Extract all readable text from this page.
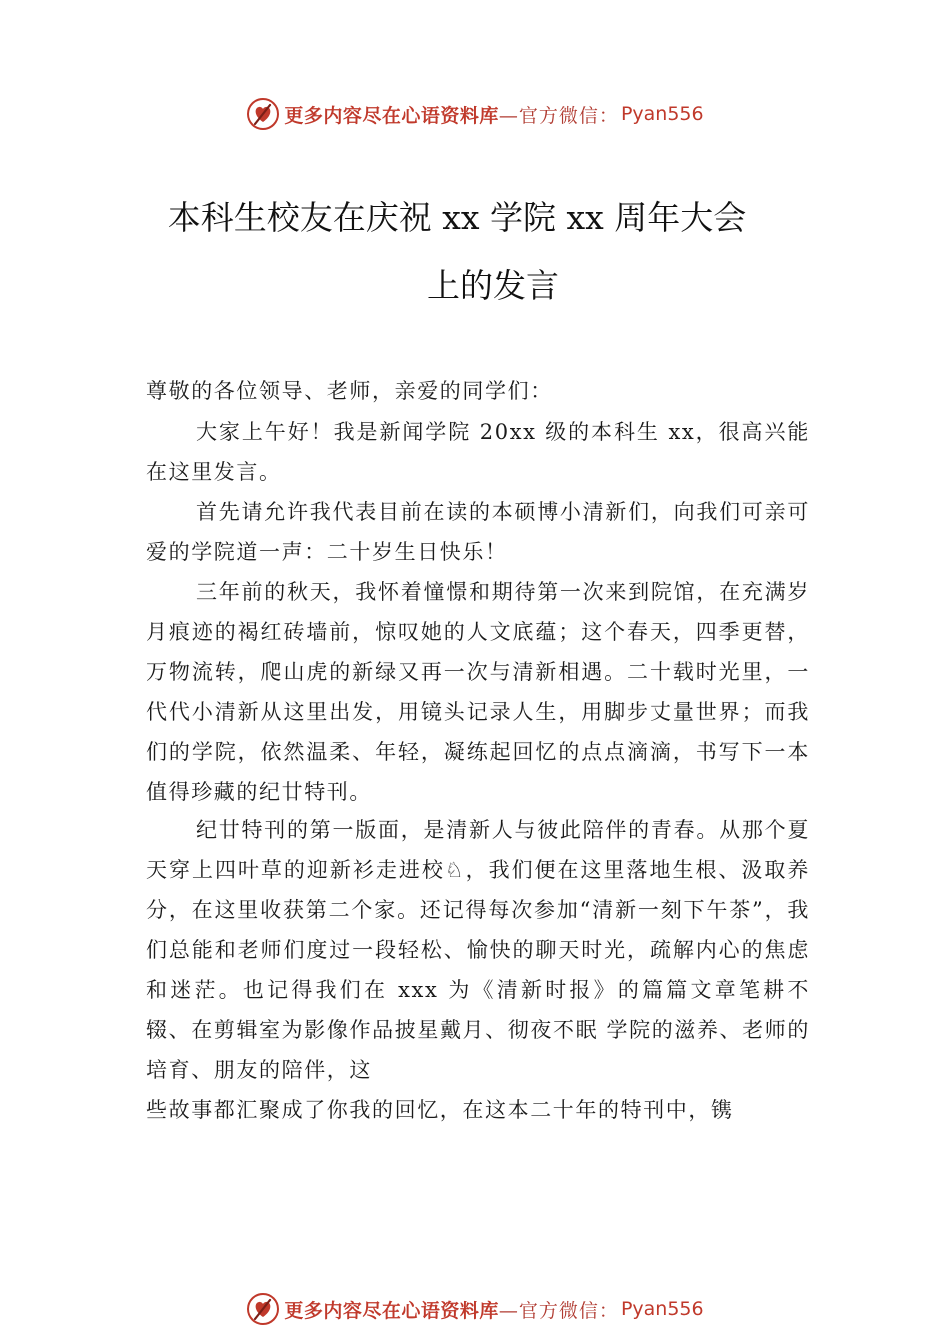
更多内容尽在心语资料库 —官方微信： Pyan556
本科生校友在庆祝 xx 学院 xx 周年大会
上的发言

尊敬的各位领导、老师，亲爱的同学们：

大家上午好！我是新闻学院 20xx 级的本科生 xx，很高兴能在这里发言。

首先请允许我代表目前在读的本硕博小清新们，向我们可亲可爱的学院道一声：二十岁生日快乐！

三年前的秋天，我怀着憧憬和期待第一次来到院馆，在充满岁月痕迹的褐红砖墙前，惊叹她的人文底蕴；这个春天，四季更替，万物流转，爬山虎的新绿又再一次与清新相遇。二十载时光里，一代代小清新从这里出发，用镜头记录人生，用脚步丈量世界；而我们的学院，依然温柔、年轻，凝练起回忆的点点滴滴，书写下一本值得珍藏的纪廿特刊。

纪廿特刊的第一版面，是清新人与彼此陪伴的青春。从那个夏天穿上四叶草的迎新衫走进校♘，我们便在这里落地生根、汲取养分，在这里收获第二个家。还记得每次参加“清新一刻下午茶”，我们总能和老师们度过一段轻松、愉快的聊天时光，疏解内心的焦虑和迷茫。也记得我们在 xxx 为《清新时报》的篇篇文章笔耕不辍、在剪辑室为影像作品披星戴月、彻夜不眠 学院的滋养、老师的培育、朋友的陪伴，这

些故事都汇聚成了你我的回忆，在这本二十年的特刊中，镌

更多内容尽在心语资料库 —官方微信： Pyan556
